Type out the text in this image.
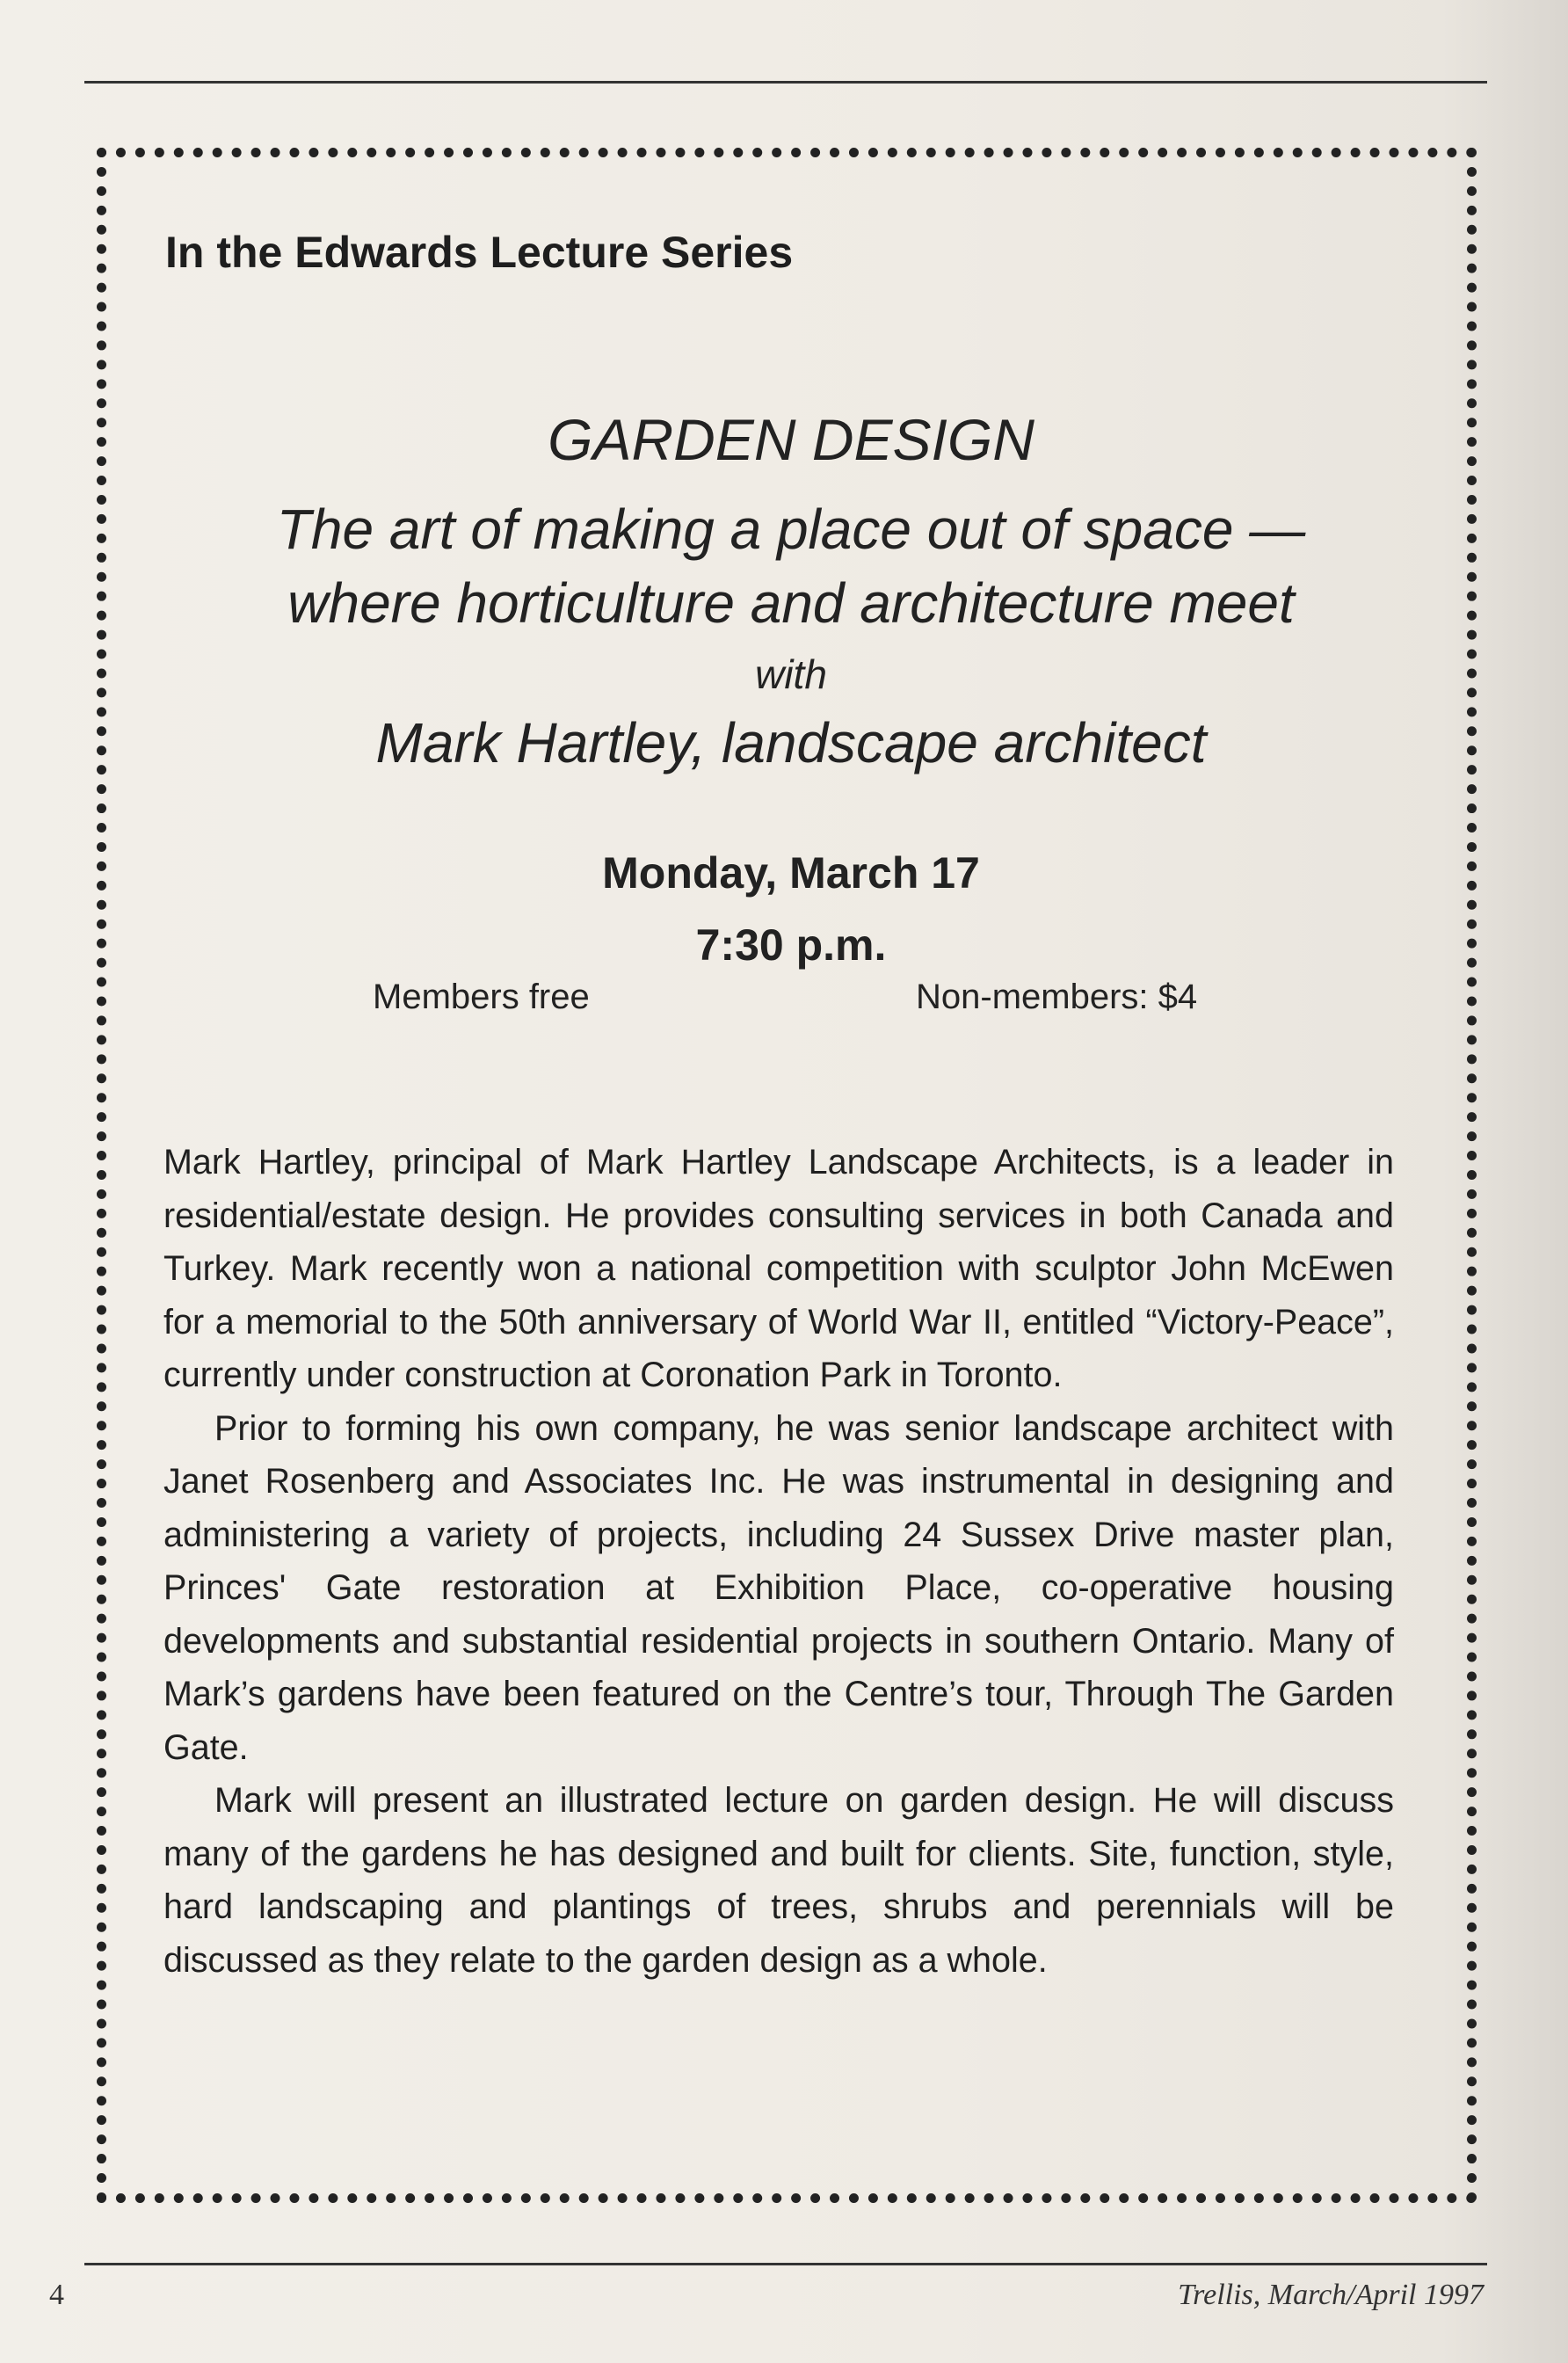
In the Edwards Lecture Series
GARDEN DESIGN
The art of making a place out of space —
where horticulture and architecture meet
with
Mark Hartley, landscape architect
Monday, March 17
7:30 p.m.
Members free	Non-members: $4

Mark Hartley, principal of Mark Hartley Landscape Architects, is a leader in residential/estate design. He provides consulting services in both Canada and Turkey. Mark recently won a national competition with sculptor John McEwen for a memorial to the 50th anniversary of World War II, entitled “Victory-Peace”, currently under construction at Coronation Park in Toronto.

Prior to forming his own company, he was senior landscape architect with Janet Rosenberg and Associates Inc. He was instrumental in designing and administering a variety of projects, including 24 Sussex Drive master plan, Princes' Gate restoration at Exhibition Place, co-operative housing developments and substantial residential projects in southern Ontario. Many of Mark’s gardens have been featured on the Centre’s tour, Through The Garden Gate.

Mark will present an illustrated lecture on garden design. He will discuss many of the gardens he has designed and built for clients. Site, function, style, hard landscaping and plantings of trees, shrubs and perennials will be discussed as they relate to the garden design as a whole.

4	Trellis, March/April 1997
